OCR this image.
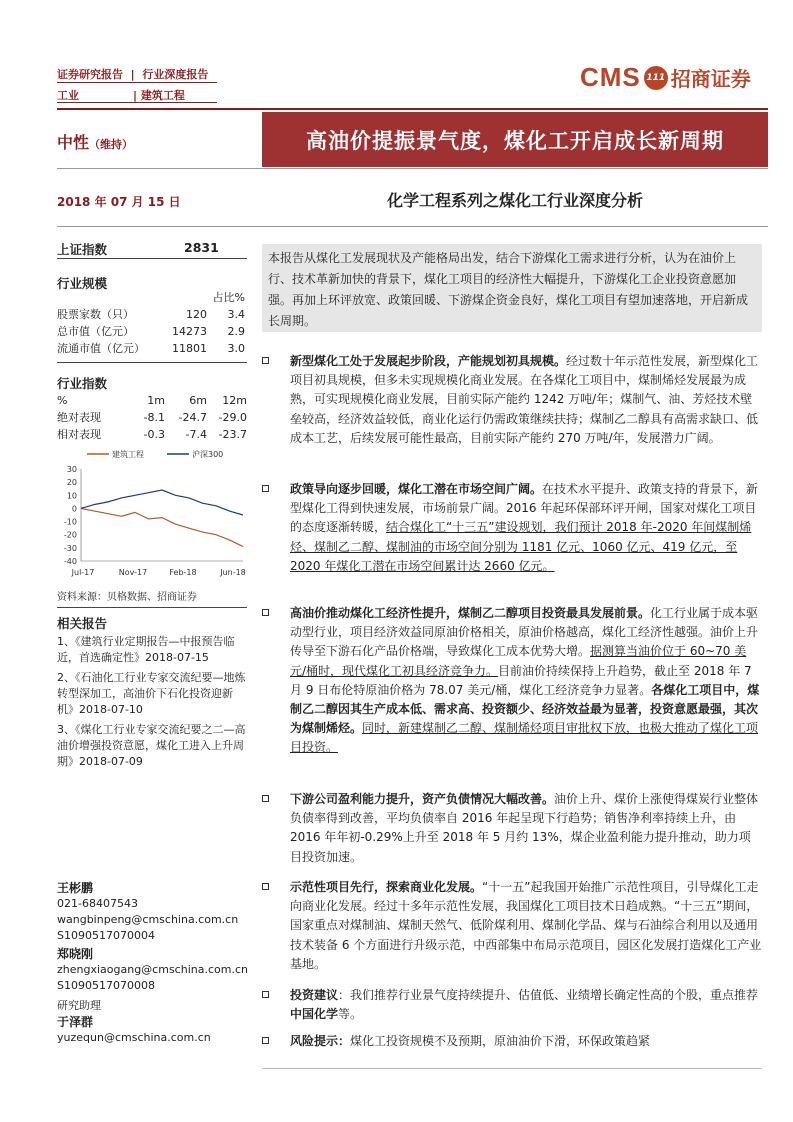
证券研究报告  |  行业深度报告
工业	| 建筑工程
CMS 111 招商证券
中性（维持）	高油价提振景气度，煤化工开启成长新周期
2018 年 07 月 15 日	化学工程系列之煤化工行业深度分析
上证指数	2831
行业规模
占比%
股票家数（只）	120	3.4
总市值（亿元）	14273	2.9
流通市值（亿元）	11801	3.0
行业指数
%	1m	6m	12m
绝对表现	-8.1	-24.7	-29.0
相对表现	-0.3	-7.4	-23.7
建筑工程	沪深300
30
20
10
0
-10
-20
-30
-40
Jul-17	Nov-17	Feb-18	Jun-18
资料来源：贝格数据、招商证券
相关报告
1、《建筑行业定期报告—中报预告临近，首选确定性》2018-07-15
2、《石油化工行业专家交流纪要—地炼转型深加工，高油价下石化投资迎新机》2018-07-10
3、《煤化工行业专家交流纪要之二—高油价增强投资意愿，煤化工进入上升周期》2018-07-09
王彬鹏
021-68407543
wangbinpeng@cmschina.com.cn
S1090517070004
郑晓刚
zhengxiaogang@cmschina.com.cn
S1090517070008
研究助理
于泽群
yuzequn@cmschina.com.cn
本报告从煤化工发展现状及产能格局出发，结合下游煤化工需求进行分析，认为在油价上行、技术革新加快的背景下，煤化工项目的经济性大幅提升，下游煤化工企业投资意愿加强。再加上环评放宽、政策回暖、下游煤企资金良好，煤化工项目有望加速落地，开启新成长周期。
新型煤化工处于发展起步阶段，产能规划初具规模。经过数十年示范性发展，新型煤化工项目初具规模，但多未实现规模化商业发展。在各煤化工项目中，煤制烯烃发展最为成熟，可实现规模化商业发展，目前实际产能约 1242 万吨/年；煤制气、油、芳烃技术壁垒较高，经济效益较低，商业化运行仍需政策继续扶持；煤制乙二醇具有高需求缺口、低成本工艺，后续发展可能性最高，目前实际产能约 270 万吨/年，发展潜力广阔。
政策导向逐步回暖，煤化工潜在市场空间广阔。在技术水平提升、政策支持的背景下，新型煤化工得到快速发展，市场前景广阔。2016 年起环保部环评开闸，国家对煤化工项目的态度逐渐转暖，结合煤化工“十三五”建设规划，我们预计 2018 年-2020 年间煤制烯烃、煤制乙二醇、煤制油的市场空间分别为 1181 亿元、1060 亿元、419 亿元，至 2020 年煤化工潜在市场空间累计达 2660 亿元。
高油价推动煤化工经济性提升，煤制乙二醇项目投资最具发展前景。化工行业属于成本驱动型行业，项目经济效益同原油价格相关，原油价格越高，煤化工经济性越强。油价上升传导至下游石化产品价格端，导致煤化工成本优势大增。据测算当油价位于 60~70 美元/桶时，现代煤化工初具经济竞争力。目前油价持续保持上升趋势，截止至 2018 年 7 月 9 日布伦特原油价格为 78.07 美元/桶，煤化工经济竞争力显著。各煤化工项目中，煤制乙二醇因其生产成本低、需求高、投资额少、经济效益最为显著，投资意愿最强，其次为煤制烯烃。同时，新建煤制乙二醇、煤制烯烃项目审批权下放，也极大推动了煤化工项目投资。
下游公司盈利能力提升，资产负债情况大幅改善。油价上升、煤价上涨使得煤炭行业整体负债率得到改善，平均负债率自 2016 年起呈现下行趋势；销售净利率持续上升，由 2016 年年初-0.29%上升至 2018 年 5 月约 13%，煤企业盈利能力提升推动，助力项目投资加速。
示范性项目先行，探索商业化发展。“十一五”起我国开始推广示范性项目，引导煤化工走向商业化发展。经过十多年示范性发展，我国煤化工项目技术日趋成熟。“十三五”期间，国家重点对煤制油、煤制天然气、低阶煤利用、煤制化学品、煤与石油综合利用以及通用技术装备 6 个方面进行升级示范，中西部集中布局示范项目，园区化发展打造煤化工产业基地。
投资建议：我们推荐行业景气度持续提升、估值低、业绩增长确定性高的个股，重点推荐中国化学等。
风险提示：煤化工投资规模不及预期，原油油价下滑，环保政策趋紧
